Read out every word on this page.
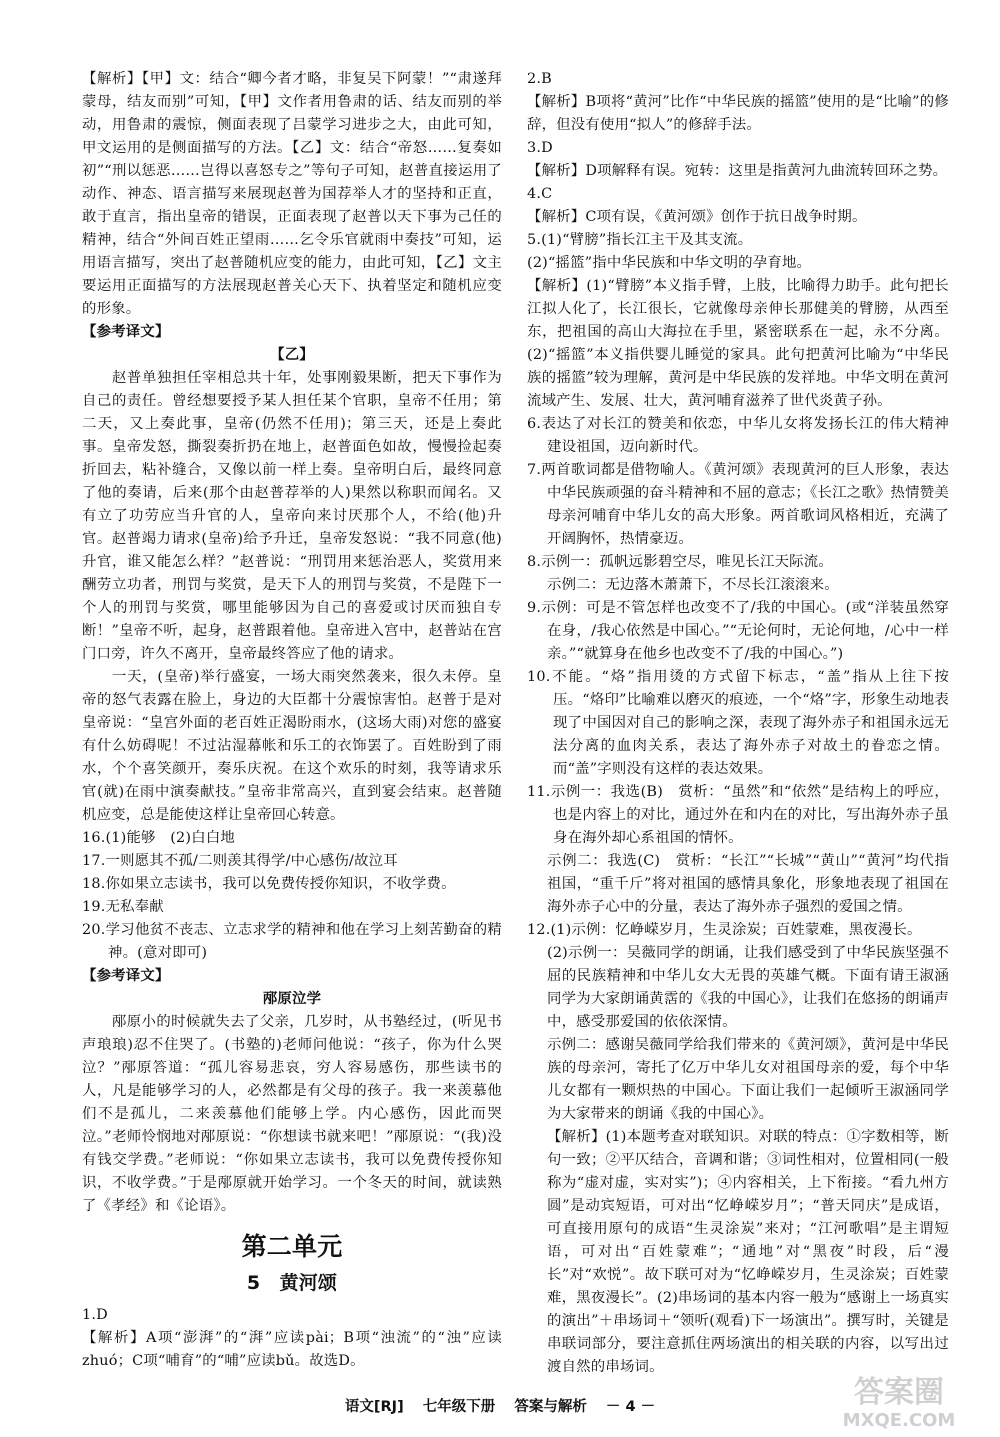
【解析】【甲】文：结合“卿今者才略，非复吴下阿蒙！”“肃遂拜蒙母，结友而别”可知，【甲】文作者用鲁肃的话、结友而别的举动，用鲁肃的震惊，侧面表现了吕蒙学习进步之大，由此可知，甲文运用的是侧面描写的方法。【乙】文：结合“帝怒……复奏如初”“刑以惩恶……岂得以喜怒专之”等句子可知，赵普直接运用了动作、神态、语言描写来展现赵普为国荐举人才的坚持和正直，敢于直言，指出皇帝的错误，正面表现了赵普以天下事为己任的精神，结合“外间百姓正望雨……乞令乐官就雨中奏技”可知，运用语言描写，突出了赵普随机应变的能力，由此可知，【乙】文主要运用正面描写的方法展现赵普关心天下、执着坚定和随机应变的形象。

【参考译文】

【乙】

赵普单独担任宰相总共十年，处事刚毅果断，把天下事作为自己的责任。曾经想要授予某人担任某个官职，皇帝不任用；第二天，又上奏此事，皇帝(仍然不任用)；第三天，还是上奏此事。皇帝发怒，撕裂奏折扔在地上，赵普面色如故，慢慢捡起奏折回去，粘补缝合，又像以前一样上奏。皇帝明白后，最终同意了他的奏请，后来(那个由赵普荐举的人)果然以称职而闻名。又有立了功劳应当升官的人，皇帝向来讨厌那个人，不给(他)升官。赵普竭力请求(皇帝)给予升迁，皇帝发怒说：“我不同意(他)升官，谁又能怎么样？”赵普说：“刑罚用来惩治恶人，奖赏用来酬劳立功者，刑罚与奖赏，是天下人的刑罚与奖赏，不是陛下一个人的刑罚与奖赏，哪里能够因为自己的喜爱或讨厌而独自专断！”皇帝不听，起身，赵普跟着他。皇帝进入宫中，赵普站在宫门口旁，许久不离开，皇帝最终答应了他的请求。

一天，(皇帝)举行盛宴，一场大雨突然袭来，很久未停。皇帝的怒气表露在脸上，身边的大臣都十分震惊害怕。赵普于是对皇帝说：“皇宫外面的老百姓正渴盼雨水，(这场大雨)对您的盛宴有什么妨碍呢！不过沾湿幕帐和乐工的衣饰罢了。百姓盼到了雨水，个个喜笑颜开，奏乐庆祝。在这个欢乐的时刻，我等请求乐官(就)在雨中演奏献技。”皇帝非常高兴，直到宴会结束。赵普随机应变，总是能使这样让皇帝回心转意。

16.(1)能够　(2)白白地

17.一则愿其不孤/二则羡其得学/中心感伤/故泣耳

18.你如果立志读书，我可以免费传授你知识，不收学费。

19.无私奉献

20.学习他贫不丧志、立志求学的精神和他在学习上刻苦勤奋的精神。(意对即可)

【参考译文】

邴原泣学

邴原小的时候就失去了父亲，几岁时，从书塾经过，(听见书声琅琅)忍不住哭了。(书塾的)老师问他说：“孩子，你为什么哭泣？”邴原答道：“孤儿容易悲哀，穷人容易感伤，那些读书的人，凡是能够学习的人，必然都是有父母的孩子。我一来羡慕他们不是孤儿，二来羡慕他们能够上学。内心感伤，因此而哭泣。”老师怜悯地对邴原说：“你想读书就来吧！”邴原说：“(我)没有钱交学费。”老师说：“你如果立志读书，我可以免费传授你知识，不收学费。”于是邴原就开始学习。一个冬天的时间，就读熟了《孝经》和《论语》。

第二单元
5　黄河颂

1.D

【解析】A项“澎湃”的“湃”应读pài；B项“浊流”的“浊”应读zhuó；C项“哺育”的“哺”应读bǔ。故选D。

2.B

【解析】B项将“黄河”比作“中华民族的摇篮”使用的是“比喻”的修辞，但没有使用“拟人”的修辞手法。

3.D

【解析】D项解释有误。宛转：这里是指黄河九曲流转回环之势。

4.C

【解析】C项有误，《黄河颂》创作于抗日战争时期。

5.(1)“臂膀”指长江主干及其支流。

(2)“摇篮”指中华民族和中华文明的孕育地。

【解析】(1)“臂膀”本义指手臂，上肢，比喻得力助手。此句把长江拟人化了，长江很长，它就像母亲伸长那健美的臂膀，从西至东，把祖国的高山大海拉在手里，紧密联系在一起，永不分离。(2)“摇篮”本义指供婴儿睡觉的家具。此句把黄河比喻为“中华民族的摇篮”较为理解，黄河是中华民族的发祥地。中华文明在黄河流域产生、发展、壮大，黄河哺育滋养了世代炎黄子孙。

6.表达了对长江的赞美和依恋，中华儿女将发扬长江的伟大精神建设祖国，迈向新时代。

7.两首歌词都是借物喻人。《黄河颂》表现黄河的巨人形象，表达中华民族顽强的奋斗精神和不屈的意志；《长江之歌》热情赞美母亲河哺育中华儿女的高大形象。两首歌词风格相近，充满了开阔胸怀，热情豪迈。

8.示例一：孤帆远影碧空尽，唯见长江天际流。

示例二：无边落木萧萧下，不尽长江滚滚来。

9.示例：可是不管怎样也改变不了/我的中国心。(或“洋装虽然穿在身，/我心依然是中国心。”“无论何时，无论何地，/心中一样亲。”“就算身在他乡也改变不了/我的中国心。”)

10.不能。“烙”指用烫的方式留下标志，“盖”指从上往下按压。“烙印”比喻难以磨灭的痕迹，一个“烙”字，形象生动地表现了中国因对自己的影响之深，表现了海外赤子和祖国永远无法分离的血肉关系，表达了海外赤子对故土的眷恋之情。而“盖”字则没有这样的表达效果。

11.示例一：我选(B)　赏析：“虽然”和“依然”是结构上的呼应，也是内容上的对比，通过外在和内在的对比，写出海外赤子虽身在海外却心系祖国的情怀。

示例二：我选(C)　赏析：“长江”“长城”“黄山”“黄河”均代指祖国，“重千斤”将对祖国的感情具象化，形象地表现了祖国在海外赤子心中的分量，表达了海外赤子强烈的爱国之情。

12.(1)示例：忆峥嵘岁月，生灵涂炭；百姓蒙难，黑夜漫长。

(2)示例一：吴薇同学的朗诵，让我们感受到了中华民族坚强不屈的民族精神和中华儿女大无畏的英雄气概。下面有请王淑涵同学为大家朗诵黄霑的《我的中国心》，让我们在悠扬的朗诵声中，感受那爱国的依依深情。

示例二：感谢吴薇同学给我们带来的《黄河颂》，黄河是中华民族的母亲河，寄托了亿万中华儿女对祖国母亲的爱，每个中华儿女都有一颗炽热的中国心。下面让我们一起倾听王淑涵同学为大家带来的朗诵《我的中国心》。

【解析】(1)本题考查对联知识。对联的特点：①字数相等，断句一致；②平仄结合，音调和谐；③词性相对，位置相同(一般称为“虚对虚，实对实”)；④内容相关，上下衔接。“看九州方圆”是动宾短语，可对出“忆峥嵘岁月”；“普天同庆”是成语，可直接用原句的成语“生灵涂炭”来对；“江河歌唱”是主谓短语，可对出“百姓蒙难”；“通地”对“黑夜”时段，后“漫长”对“欢悦”。故下联可对为“忆峥嵘岁月，生灵涂炭；百姓蒙难，黑夜漫长”。(2)串场词的基本内容一般为“感谢上一场真实的演出”＋串场词＋“领听(观看)下一场演出”。撰写时，关键是串联词部分，要注意抓住两场演出的相关联的内容，以写出过渡自然的串场词。

语文[RJ] 七年级下册 答案与解析 － 4 －	答案圈
MXQE.COM
